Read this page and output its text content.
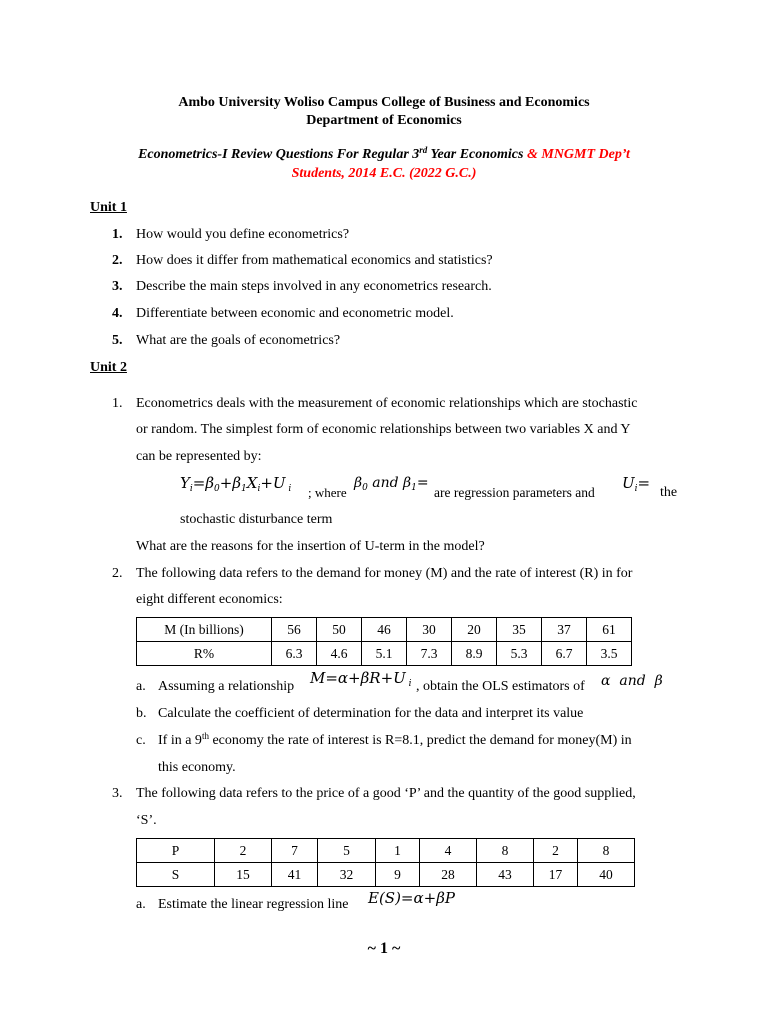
Ambo University Woliso Campus College of Business and Economics
Department of Economics
Econometrics-I Review Questions For Regular 3rd Year Economics & MNGMT Dep’t
Students, 2014 E.C. (2022 G.C.)
Unit 1
1. How would you define econometrics?
2. How does it differ from mathematical economics and statistics?
3. Describe the main steps involved in any econometrics research.
4. Differentiate between economic and econometric model.
5. What are the goals of econometrics?
Unit 2
1. Econometrics deals with the measurement of economic relationships which are stochastic
or random. The simplest form of economic relationships between two variables X and Y
can be represented by:
$Y_i=\beta_0+\beta_1X_i+U$ $_i$ ; where
$\beta_0$ and $\beta_1=$
are regression parameters and
$U_i=$
the
stochastic disturbance term
What are the reasons for the insertion of U-term in the model?
2. The following data refers to the demand for money (M) and the rate of interest (R) in for
eight different economics:
M (In billions)	56	50	46	30	20	35	37	61
R%	6.3	4.6	5.1	7.3	8.9	5.3	6.7	3.5
a. Assuming a relationship M=α+βR+U $_i$ , obtain the OLS estimators of α  and  β
b. Calculate the coefficient of determination for the data and interpret its value
c. If in a 9th economy the rate of interest is R=8.1, predict the demand for money(M) in
this economy.
3. The following data refers to the price of a good ‘P’ and the quantity of the good supplied,
‘S’.
P	2	7	5	1	4	8	2	8
S	15	41	32	9	28	43	17	40
a. Estimate the linear regression line E(S)=α+βP
~ 1 ~
